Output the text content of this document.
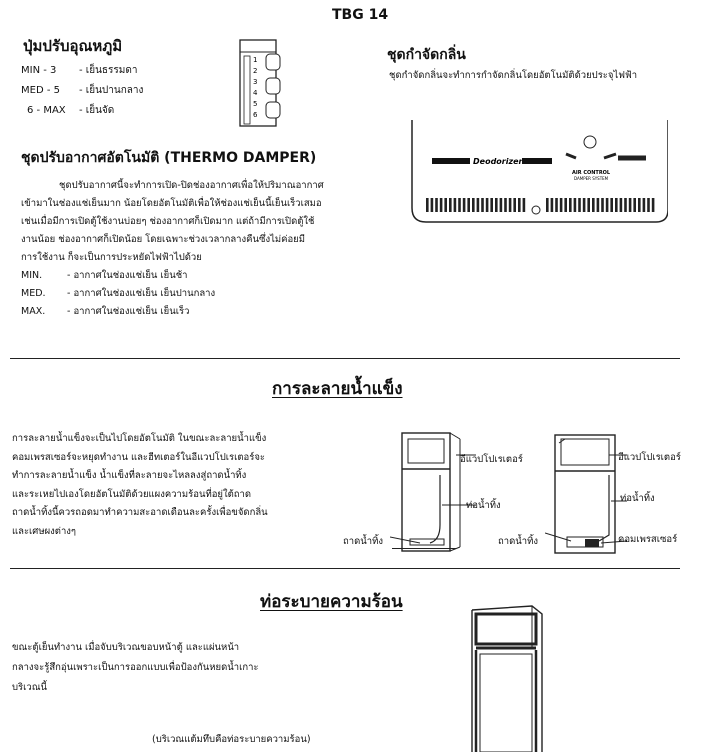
TBG 14
ปุ่มปรับอุณหภูมิ
MIN - 3 - เย็นธรรมดา
MED - 5 - เย็นปานกลาง
6 - MAX - เย็นจัด
1
2
3
4
5
6
ชุดกำจัดกลิ่น
ชุดกำจัดกลิ่นจะทำการกำจัดกลิ่นโดยอัตโนมัติด้วยประจุไฟฟ้า
Deodorizer
AIR CONTROL
DAMPER SYSTEM
ชุดปรับอากาศอัตโนมัติ (THERMO DAMPER)
ชุดปรับอากาศนี้จะทำการเปิด-ปิดช่องอากาศเพื่อให้ปริมาณอากาศ
เข้ามาในช่องแช่เย็นมาก น้อยโดยอัตโนมัติเพื่อให้ช่องแช่เย็นนี้เย็นเร็วเสมอ
เช่นเมื่อมีการเปิดตู้ใช้งานบ่อยๆ ช่องอากาศก็เปิดมาก แต่ถ้ามีการเปิดตู้ใช้
งานน้อย ช่องอากาศก็เปิดน้อย โดยเฉพาะช่วงเวลากลางคืนซึ่งไม่ค่อยมี
การใช้งาน ก็จะเป็นการประหยัดไฟฟ้าไปด้วย
MIN.	- อากาศในช่องแช่เย็น เย็นช้า
MED. - อากาศในช่องแช่เย็น เย็นปานกลาง
MAX. - อากาศในช่องแช่เย็น เย็นเร็ว
การละลายน้ำแข็ง
การละลายน้ำแข็งจะเป็นไปโดยอัตโนมัติ ในขณะละลายน้ำแข็ง
คอมเพรสเซอร์จะหยุดทำงาน และฮีทเตอร์ในอีแวปโปเรเตอร์จะ
ทำการละลายน้ำแข็ง น้ำแข็งที่ละลายจะไหลลงสู่ถาดน้ำทิ้ง
และระเหยไปเองโดยอัตโนมัติด้วยแผงความร้อนที่อยู่ใต้ถาด
ถาดน้ำทิ้งนี้ควรถอดมาทำความสะอาดเดือนละครั้งเพื่อขจัดกลิ่น
และเศษผงต่างๆ
อีแวปโปเรเตอร์
ท่อน้ำทิ้ง
ถาดน้ำทิ้ง
อีแวปโปเรเตอร์
ท่อน้ำทิ้ง
ถาดน้ำทิ้ง	คอมเพรสเซอร์
ท่อระบายความร้อน
ขณะตู้เย็นทำงาน เมื่อจับบริเวณขอบหน้าตู้ และแผ่นหน้า
กลางจะรู้สึกอุ่นเพราะเป็นการออกแบบเพื่อป้องกันหยดน้ำเกาะ
บริเวณนี้
(บริเวณแต้มทึบคือท่อระบายความร้อน)
